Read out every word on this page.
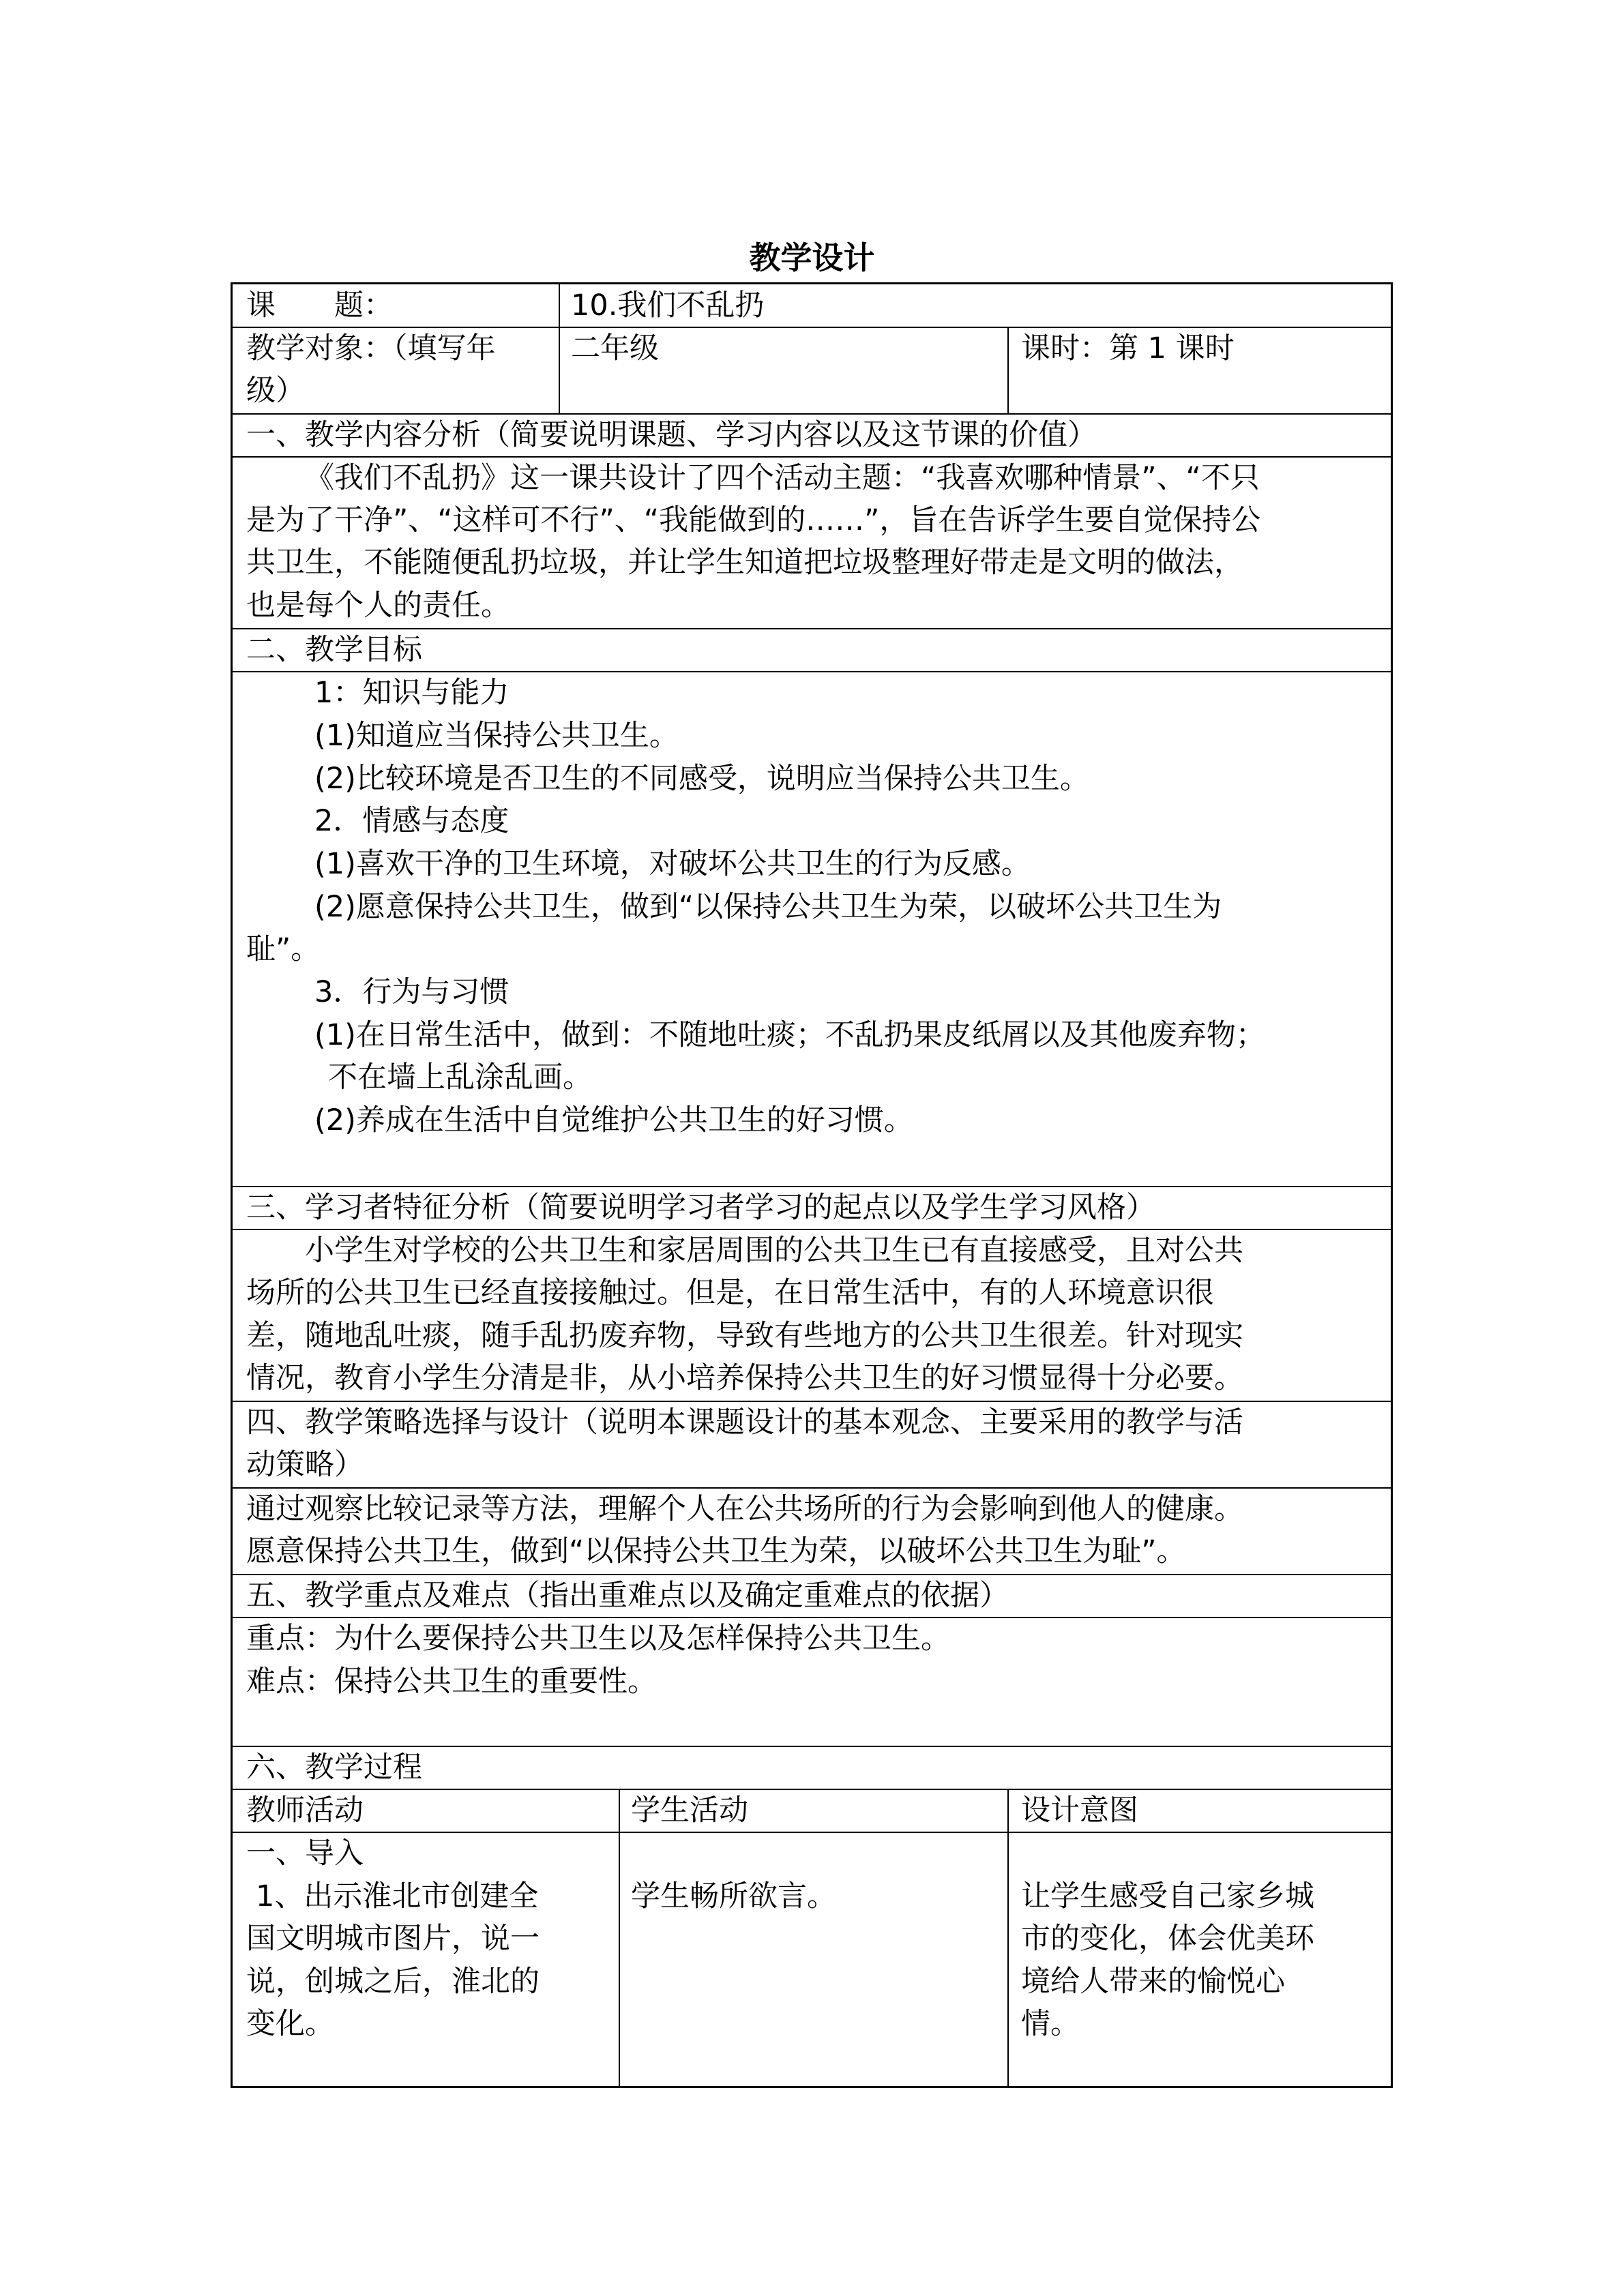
教学设计
课　　题：	10.我们不乱扔
教学对象：（填写年
级）
二年级	课时：第 1 课时
一、教学内容分析（简要说明课题、学习内容以及这节课的价值）
《我们不乱扔》这一课共设计了四个活动主题：“我喜欢哪种情景”、“不只
是为了干净”、“这样可不行”、“我能做到的……”，旨在告诉学生要自觉保持公
共卫生，不能随便乱扔垃圾，并让学生知道把垃圾整理好带走是文明的做法，
也是每个人的责任。
二、教学目标
1：知识与能力
(1)知道应当保持公共卫生。
(2)比较环境是否卫生的不同感受，说明应当保持公共卫生。
2．情感与态度
(1)喜欢干净的卫生环境，对破坏公共卫生的行为反感。
(2)愿意保持公共卫生，做到“以保持公共卫生为荣，以破坏公共卫生为
耻”。
3．行为与习惯
(1)在日常生活中，做到：不随地吐痰；不乱扔果皮纸屑以及其他废弃物；
不在墙上乱涂乱画。
(2)养成在生活中自觉维护公共卫生的好习惯。
三、学习者特征分析（简要说明学习者学习的起点以及学生学习风格）
小学生对学校的公共卫生和家居周围的公共卫生已有直接感受，且对公共
场所的公共卫生已经直接接触过。但是，在日常生活中，有的人环境意识很
差，随地乱吐痰，随手乱扔废弃物，导致有些地方的公共卫生很差。针对现实
情况，教育小学生分清是非，从小培养保持公共卫生的好习惯显得十分必要。
四、教学策略选择与设计（说明本课题设计的基本观念、主要采用的教学与活
动策略）
通过观察比较记录等方法，理解个人在公共场所的行为会影响到他人的健康。
愿意保持公共卫生，做到“以保持公共卫生为荣，以破坏公共卫生为耻”。
五、教学重点及难点（指出重难点以及确定重难点的依据）
重点：为什么要保持公共卫生以及怎样保持公共卫生。
难点：保持公共卫生的重要性。
六、教学过程
教师活动	学生活动	设计意图
一、导入
1、出示淮北市创建全
国文明城市图片，说一
说，创城之后，淮北的
变化。
学生畅所欲言。	让学生感受自己家乡城
市的变化，体会优美环
境给人带来的愉悦心
情。
